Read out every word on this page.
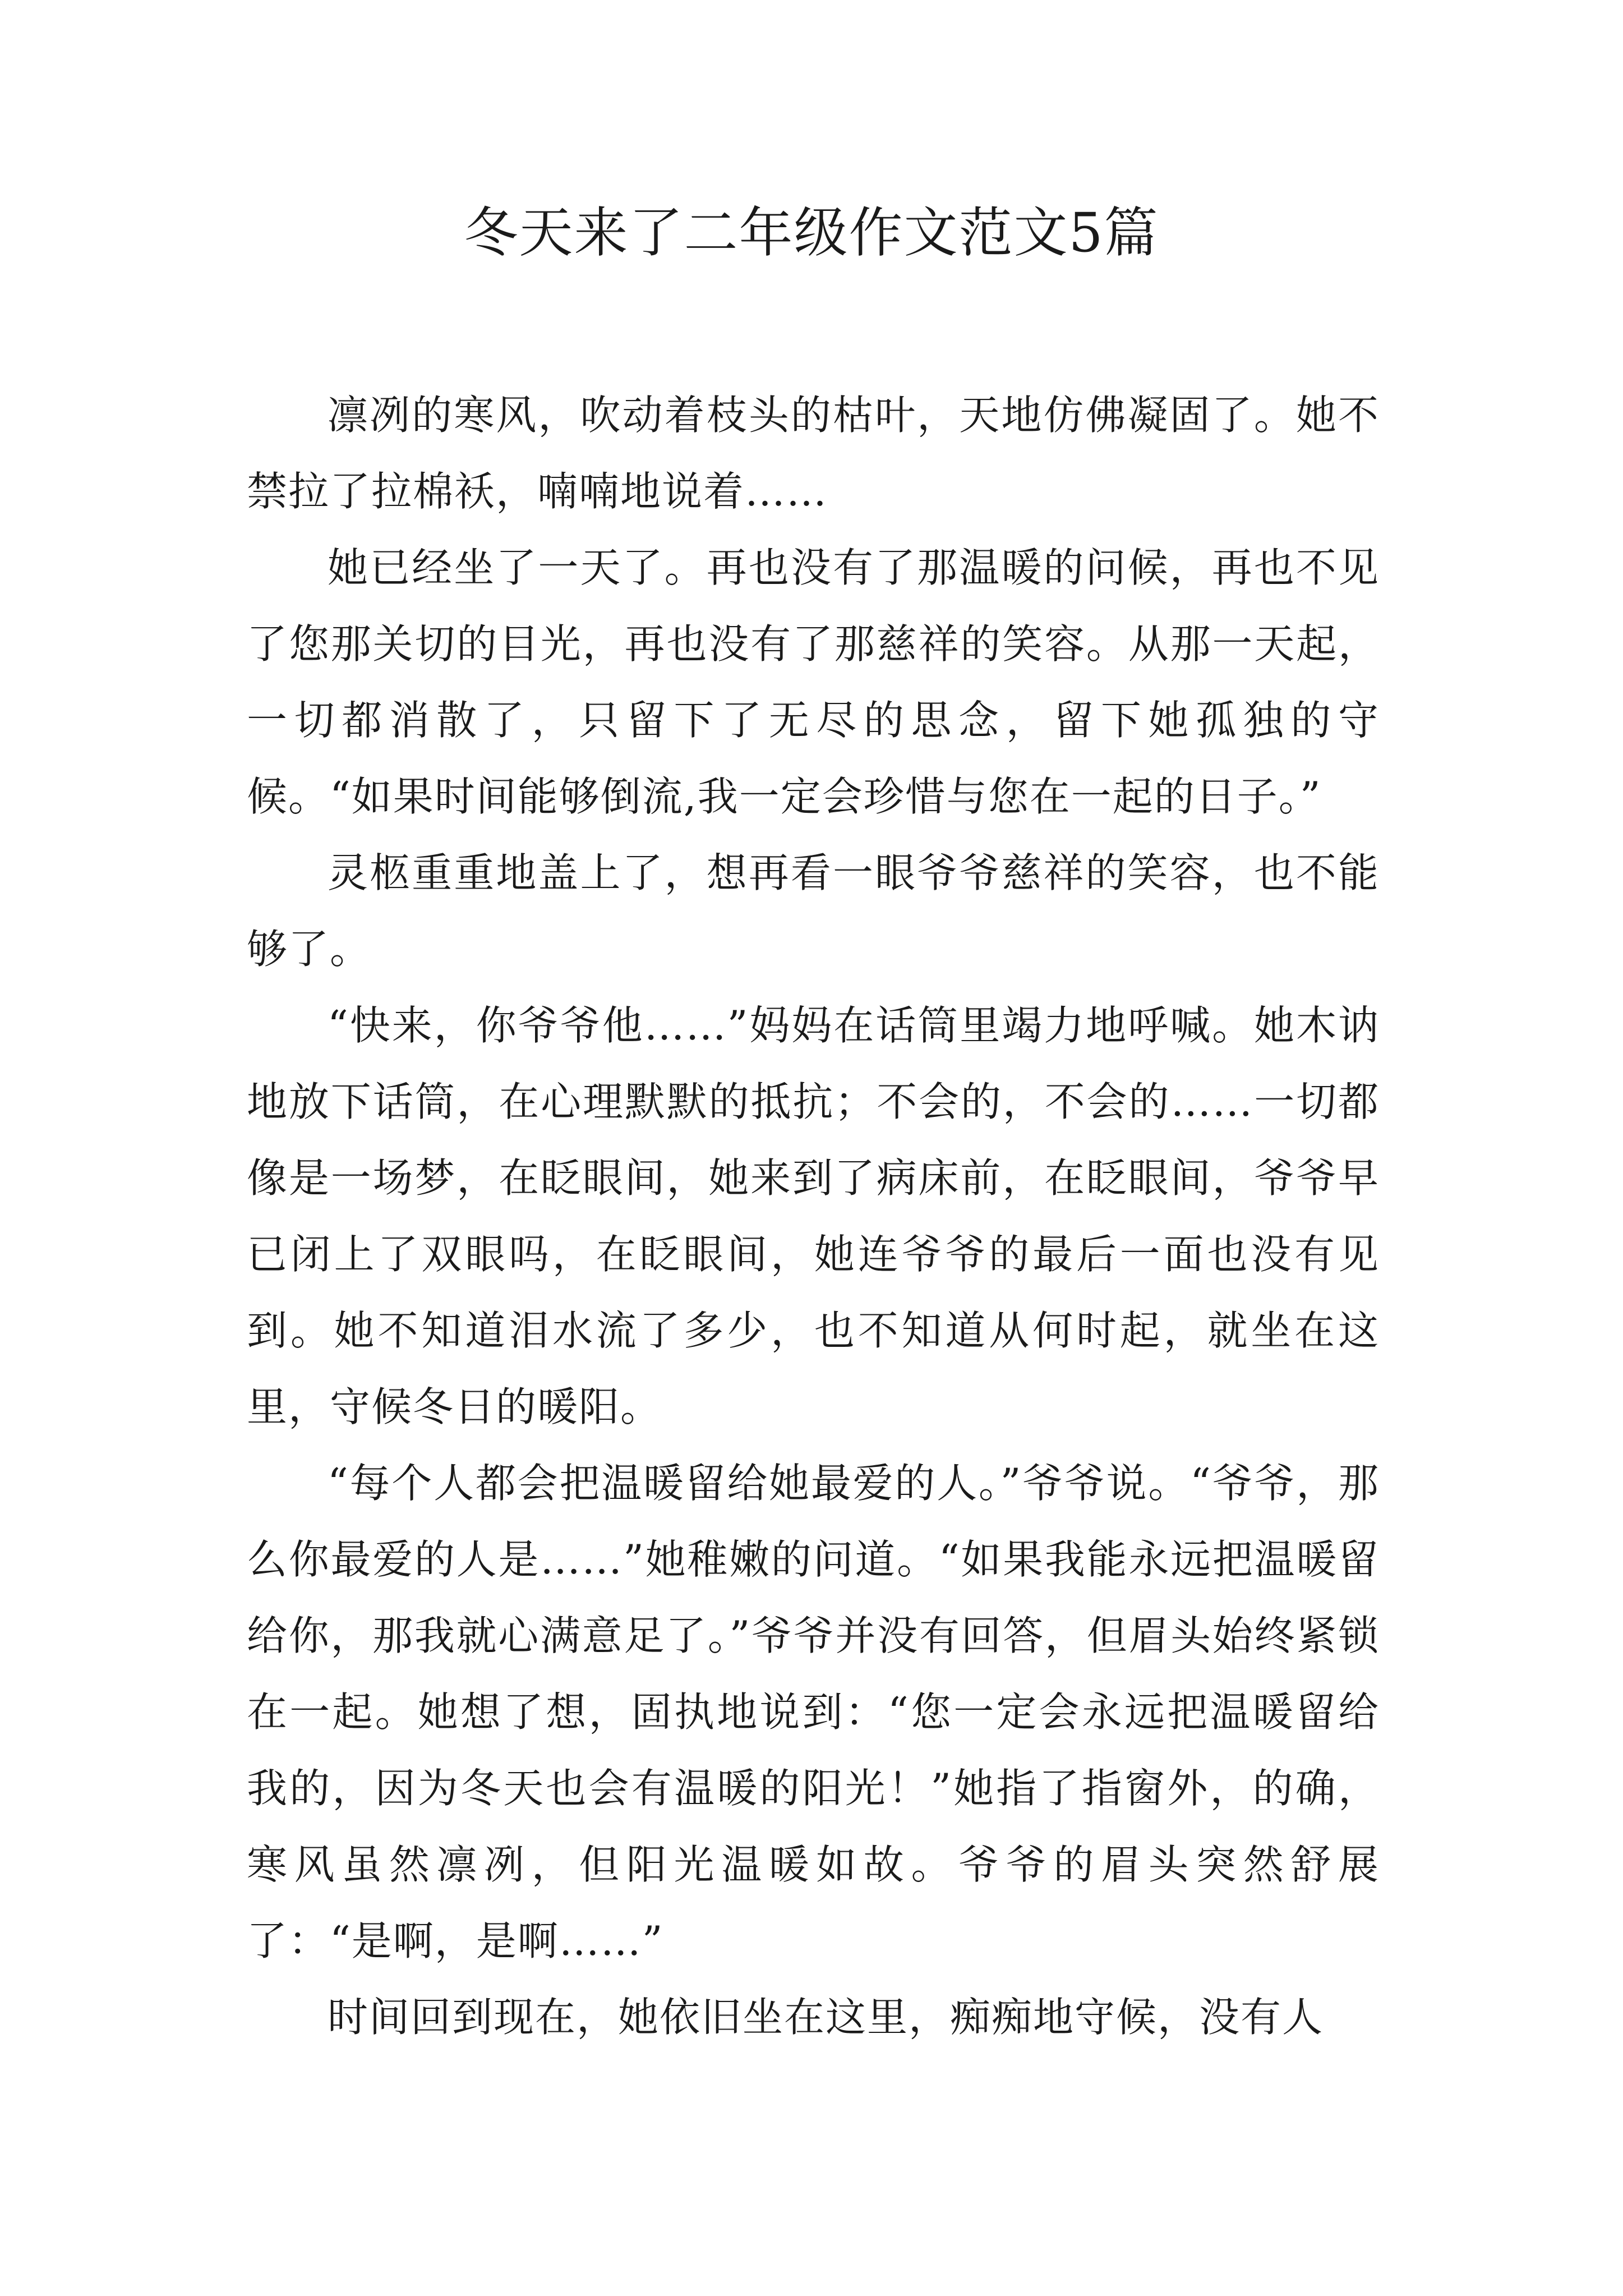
冬天来了二年级作文范文5篇

凛冽的寒风，吹动着枝头的枯叶，天地仿佛凝固了。她不禁拉了拉棉袄，喃喃地说着……

她已经坐了一天了。再也没有了那温暖的问候，再也不见了您那关切的目光，再也没有了那慈祥的笑容。从那一天起，一切都消散了，只留下了无尽的思念，留下她孤独的守候。“如果时间能够倒流,我一定会珍惜与您在一起的日子。”

灵柩重重地盖上了，想再看一眼爷爷慈祥的笑容，也不能够了。

“快来，你爷爷他……”妈妈在话筒里竭力地呼喊。她木讷地放下话筒，在心理默默的抵抗；不会的，不会的……一切都像是一场梦，在眨眼间，她来到了病床前，在眨眼间，爷爷早已闭上了双眼吗，在眨眼间，她连爷爷的最后一面也没有见到。她不知道泪水流了多少，也不知道从何时起，就坐在这里，守候冬日的暖阳。

“每个人都会把温暖留给她最爱的人。”爷爷说。“爷爷，那么你最爱的人是……”她稚嫩的问道。“如果我能永远把温暖留给你，那我就心满意足了。”爷爷并没有回答，但眉头始终紧锁在一起。她想了想，固执地说到：“您一定会永远把温暖留给我的，因为冬天也会有温暖的阳光！”她指了指窗外，的确，寒风虽然凛冽，但阳光温暖如故。爷爷的眉头突然舒展了：“是啊，是啊……”

时间回到现在，她依旧坐在这里，痴痴地守候，没有人
